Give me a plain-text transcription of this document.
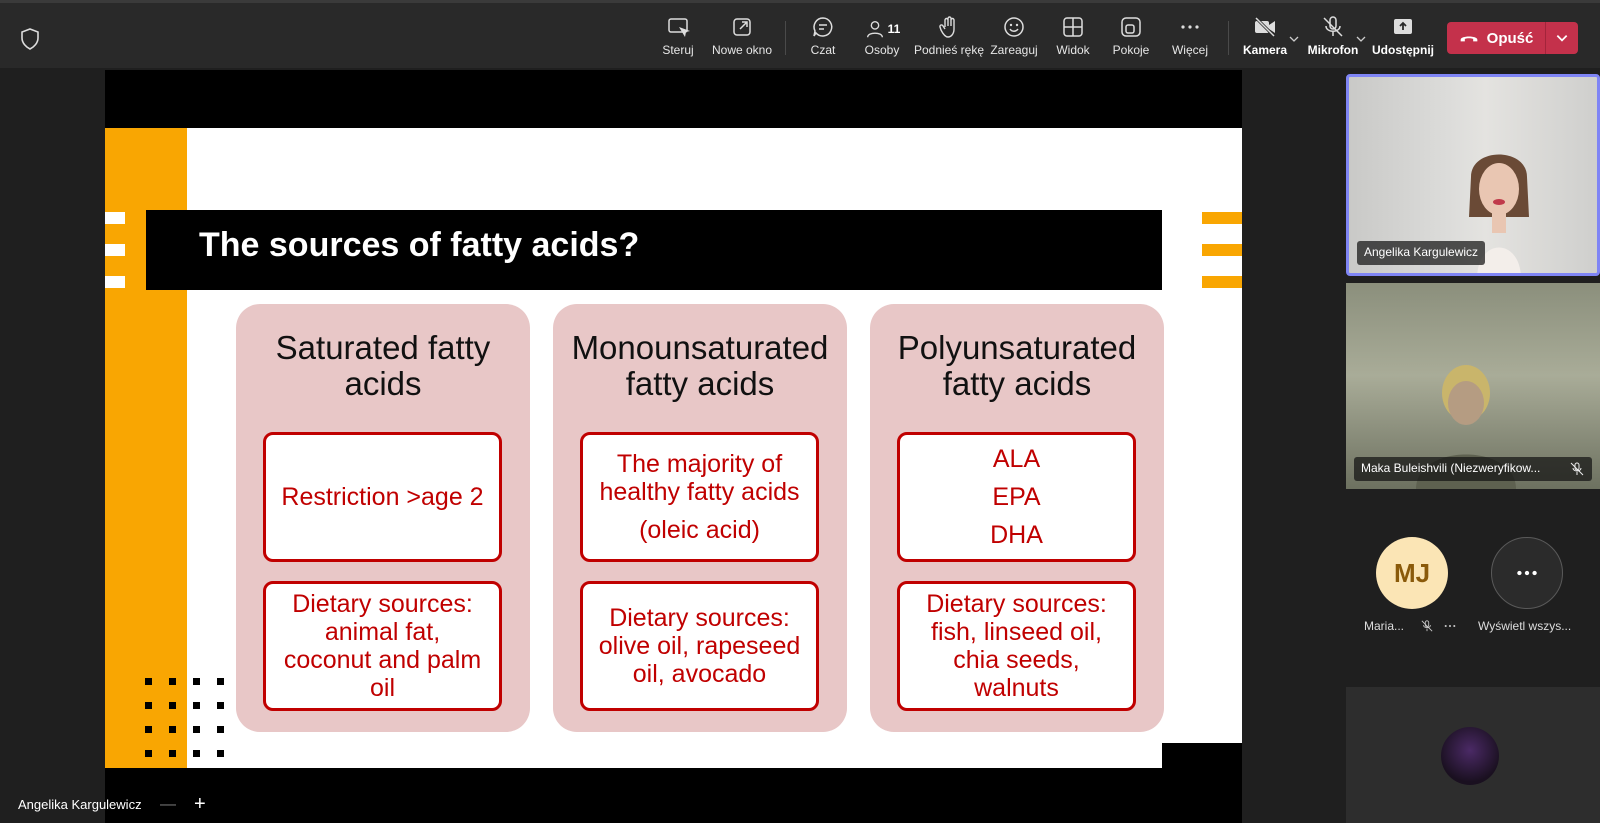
Steruj Nowe okno	Czat
11
Osoby Podnieś rękę Zareaguj Widok Pokoje Więcej	Kamera Mikrofon Udostępnij
Opuść
The sources of fatty acids?
Saturated fatty acids
Restriction >age 2
Dietary sources:
animal fat,
coconut and palm
oil
Monounsaturated fatty acids
The majority of
healthy fatty acids
(oleic acid)
Dietary sources:
olive oil, rapeseed
oil, avocado
Polyunsaturated fatty acids
ALA
EPA
DHA
Dietary sources:
fish, linseed oil,
chia seeds,
walnuts
Angelika Kargulewicz — +
Angelika Kargulewicz
Maka Buleishvili (Niezweryfikow...
MJ
Maria...	Wyświetl wszys...
